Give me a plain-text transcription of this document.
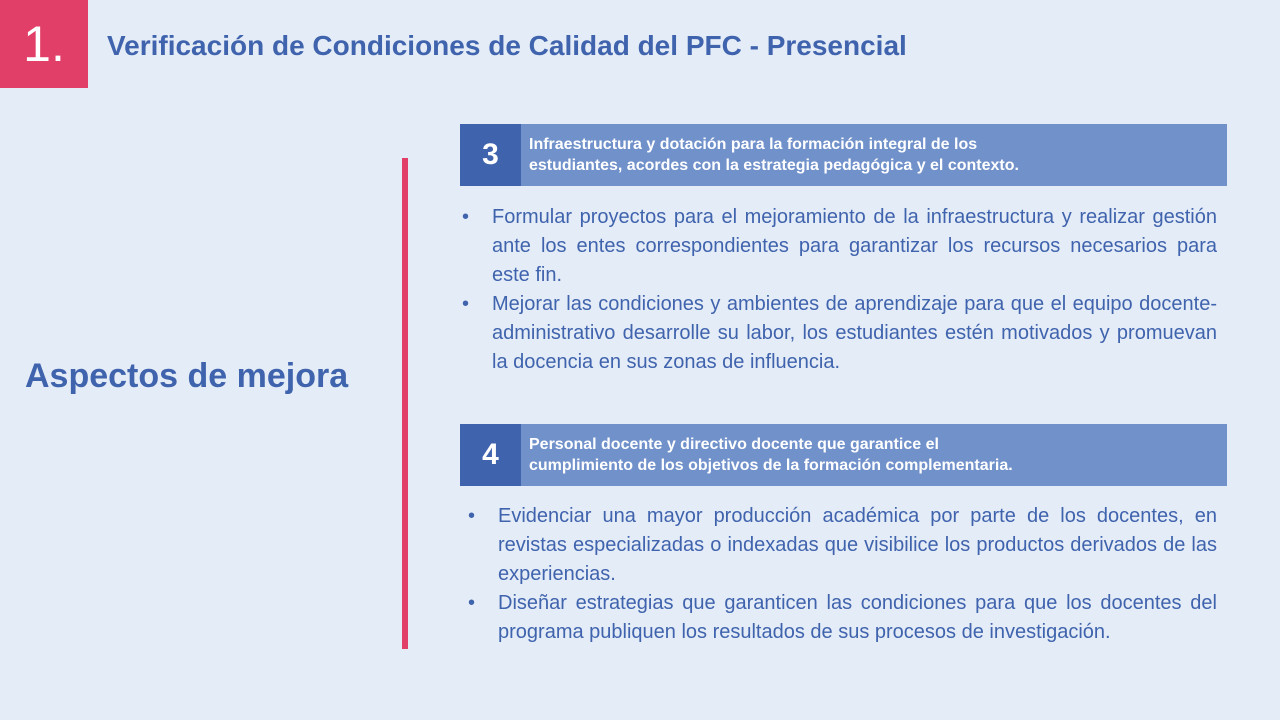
1.	Verificación de Condiciones de Calidad del PFC - Presencial
Aspectos de mejora
3	Infraestructura y dotación para la formación integral de los
estudiantes, acordes con la estrategia pedagógica y el contexto.
• Formular proyectos para el mejoramiento de la infraestructura y realizar gestión ante los entes correspondientes para garantizar los recursos necesarios para este fin.
• Mejorar las condiciones y ambientes de aprendizaje para que el equipo docente-administrativo desarrolle su labor, los estudiantes estén motivados y promuevan la docencia en sus zonas de influencia.
4	Personal docente y directivo docente que garantice el
cumplimiento de los objetivos de la formación complementaria.
• Evidenciar una mayor producción académica por parte de los docentes, en revistas especializadas o indexadas que visibilice los productos derivados de las experiencias.
• Diseñar estrategias que garanticen las condiciones para que los docentes del programa publiquen los resultados de sus procesos de investigación.
